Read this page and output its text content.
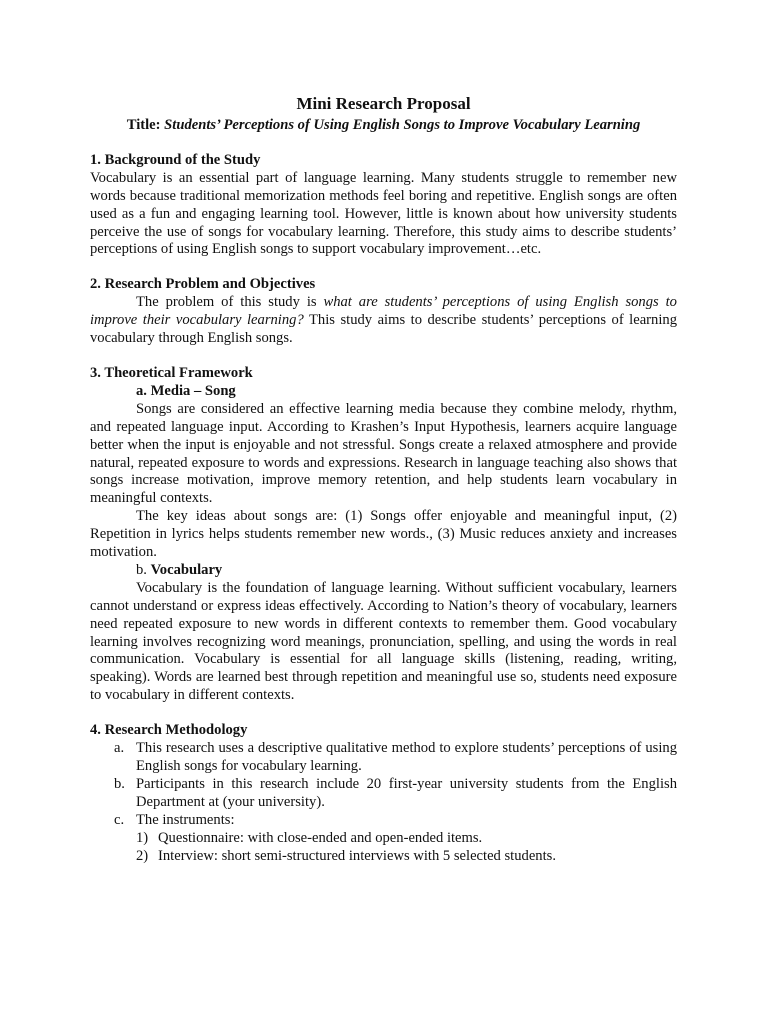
Mini Research Proposal

Title: Students’ Perceptions of Using English Songs to Improve Vocabulary Learning

1. Background of the Study

Vocabulary is an essential part of language learning. Many students struggle to remember new words because traditional memorization methods feel boring and repetitive. English songs are often used as a fun and engaging learning tool. However, little is known about how university students perceive the use of songs for vocabulary learning. Therefore, this study aims to describe students’ perceptions of using English songs to support vocabulary improvement…etc.

2. Research Problem and Objectives

The problem of this study is what are students’ perceptions of using English songs to improve their vocabulary learning? This study aims to describe students’ perceptions of learning vocabulary through English songs.

3. Theoretical Framework

a. Media – Song

Songs are considered an effective learning media because they combine melody, rhythm, and repeated language input. According to Krashen’s Input Hypothesis, learners acquire language better when the input is enjoyable and not stressful. Songs create a relaxed atmosphere and provide natural, repeated exposure to words and expressions. Research in language teaching also shows that songs increase motivation, improve memory retention, and help students learn vocabulary in meaningful contexts.

The key ideas about songs are: (1) Songs offer enjoyable and meaningful input, (2) Repetition in lyrics helps students remember new words., (3) Music reduces anxiety and increases motivation.

b. Vocabulary

Vocabulary is the foundation of language learning. Without sufficient vocabulary, learners cannot understand or express ideas effectively. According to Nation’s theory of vocabulary, learners need repeated exposure to new words in different contexts to remember them. Good vocabulary learning involves recognizing word meanings, pronunciation, spelling, and using the words in real communication. Vocabulary is essential for all language skills (listening, reading, writing, speaking). Words are learned best through repetition and meaningful use so, students need exposure to vocabulary in different contexts.

4. Research Methodology
a. This research uses a descriptive qualitative method to explore students’ perceptions of using English songs for vocabulary learning.
b. Participants in this research include 20 first-year university students from the English Department at (your university).
c. The instruments:
1) Questionnaire: with close-ended and open-ended items.
2) Interview: short semi-structured interviews with 5 selected students.
